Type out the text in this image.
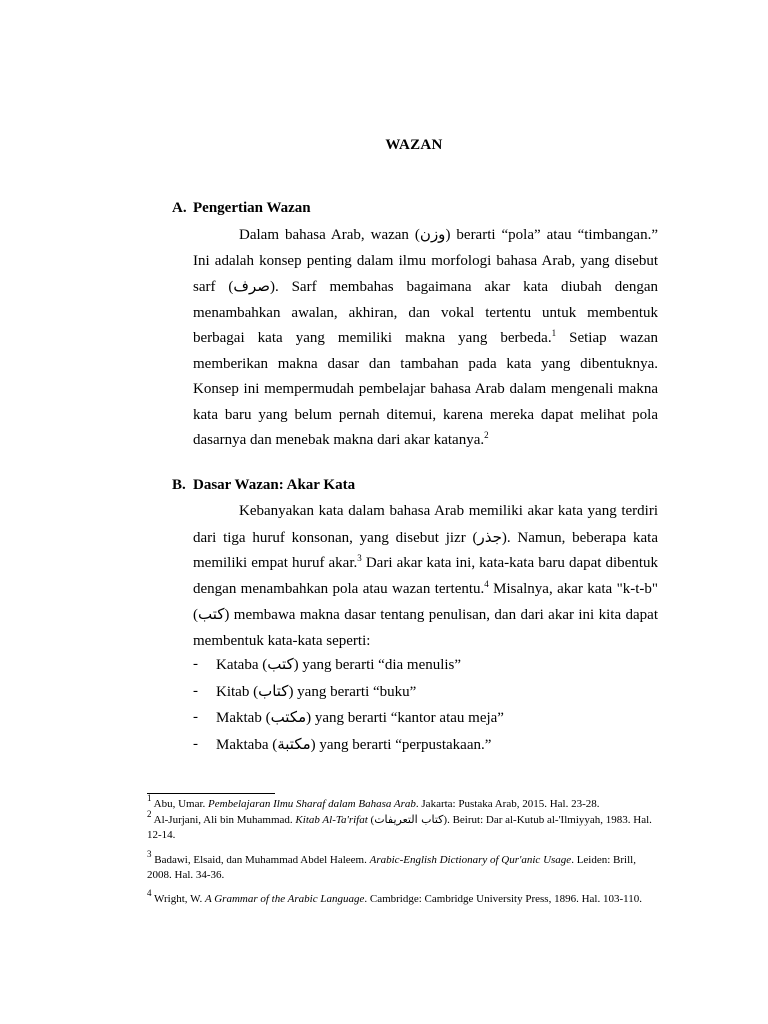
WAZAN
A. Pengertian Wazan
Dalam bahasa Arab, wazan (وزن) berarti “pola” atau “timbangan.” Ini adalah konsep penting dalam ilmu morfologi bahasa Arab, yang disebut sarf (صرف). Sarf membahas bagaimana akar kata diubah dengan menambahkan awalan, akhiran, dan vokal tertentu untuk membentuk berbagai kata yang memiliki makna yang berbeda.$^1$ Setiap wazan memberikan makna dasar dan tambahan pada kata yang dibentuknya. Konsep ini mempermudah pembelajar bahasa Arab dalam mengenali makna kata baru yang belum pernah ditemui, karena mereka dapat melihat pola dasarnya dan menebak makna dari akar katanya.$^2$
B. Dasar Wazan: Akar Kata
Kebanyakan kata dalam bahasa Arab memiliki akar kata yang terdiri dari tiga huruf konsonan, yang disebut jizr (جذر). Namun, beberapa kata memiliki empat huruf akar.$^3$ Dari akar kata ini, kata-kata baru dapat dibentuk dengan menambahkan pola atau wazan tertentu.$^4$ Misalnya, akar kata "k-t-b" (كتب) membawa makna dasar tentang penulisan, dan dari akar ini kita dapat membentuk kata-kata seperti:
- Kataba (كتب) yang berarti “dia menulis”
- Kitab (كتاب) yang berarti “buku”
- Maktab (مكتب) yang berarti “kantor atau meja”
- Maktaba (مكتبة) yang berarti “perpustakaan.”
$^1$ Abu, Umar. Pembelajaran Ilmu Sharaf dalam Bahasa Arab. Jakarta: Pustaka Arab, 2015. Hal. 23-28.
$^2$ Al-Jurjani, Ali bin Muhammad. Kitab Al-Ta'rifat (كتاب التعريفات). Beirut: Dar al-Kutub al-'Ilmiyyah, 1983. Hal. 12-14.
$^3$ Badawi, Elsaid, dan Muhammad Abdel Haleem. Arabic-English Dictionary of Qur'anic Usage. Leiden: Brill, 2008. Hal. 34-36.
$^4$ Wright, W. A Grammar of the Arabic Language. Cambridge: Cambridge University Press, 1896. Hal. 103-110.
